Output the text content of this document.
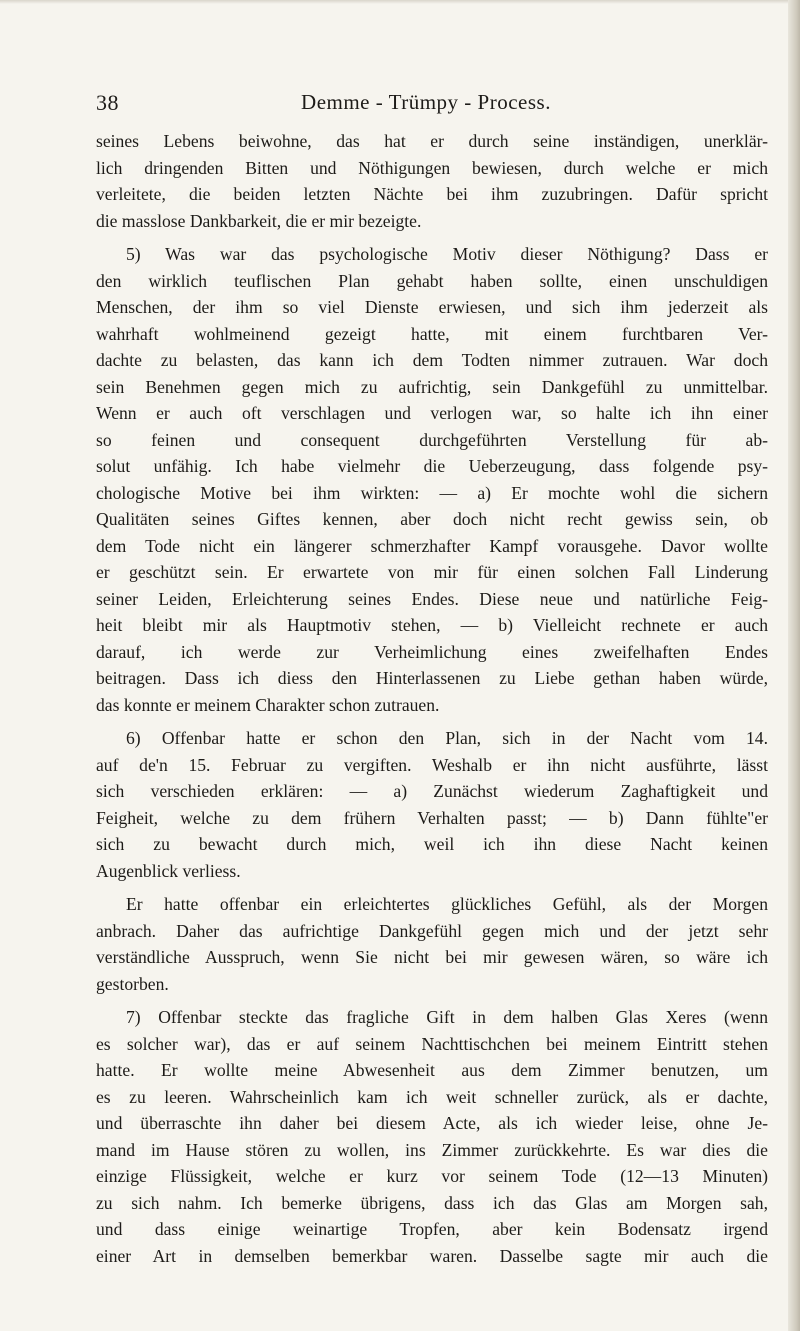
38	Demme - Trümpy - Process.
seines Lebens beiwohne, das hat er durch seine inständigen, unerklär-
lich dringenden Bitten und Nöthigungen bewiesen, durch welche er mich
verleitete, die beiden letzten Nächte bei ihm zuzubringen. Dafür spricht
die masslose Dankbarkeit, die er mir bezeigte.
5) Was war das psychologische Motiv dieser Nöthigung? Dass er
den wirklich teuflischen Plan gehabt haben sollte, einen unschuldigen
Menschen, der ihm so viel Dienste erwiesen, und sich ihm jederzeit als
wahrhaft wohlmeinend gezeigt hatte, mit einem furchtbaren Ver-
dachte zu belasten, das kann ich dem Todten nimmer zutrauen. War doch
sein Benehmen gegen mich zu aufrichtig, sein Dankgefühl zu unmittelbar.
Wenn er auch oft verschlagen und verlogen war, so halte ich ihn einer
so feinen und consequent durchgeführten Verstellung für ab-
solut unfähig. Ich habe vielmehr die Ueberzeugung, dass folgende psy-
chologische Motive bei ihm wirkten: — a) Er mochte wohl die sichern
Qualitäten seines Giftes kennen, aber doch nicht recht gewiss sein, ob
dem Tode nicht ein längerer schmerzhafter Kampf vorausgehe. Davor wollte
er geschützt sein. Er erwartete von mir für einen solchen Fall Linderung
seiner Leiden, Erleichterung seines Endes. Diese neue und natürliche Feig-
heit bleibt mir als Hauptmotiv stehen, — b) Vielleicht rechnete er auch
darauf, ich werde zur Verheimlichung eines zweifelhaften Endes
beitragen. Dass ich diess den Hinterlassenen zu Liebe gethan haben würde,
das konnte er meinem Charakter schon zutrauen.
6) Offenbar hatte er schon den Plan, sich in der Nacht vom 14.
auf de'n 15. Februar zu vergiften. Weshalb er ihn nicht ausführte, lässt
sich verschieden erklären: — a) Zunächst wiederum Zaghaftigkeit und
Feigheit, welche zu dem frühern Verhalten passt; — b) Dann fühlte"er
sich zu bewacht durch mich, weil ich ihn diese Nacht keinen
Augenblick verliess.
Er hatte offenbar ein erleichtertes glückliches Gefühl, als der Morgen
anbrach. Daher das aufrichtige Dankgefühl gegen mich und der jetzt sehr
verständliche Ausspruch, wenn Sie nicht bei mir gewesen wären, so wäre ich
gestorben.
7) Offenbar steckte das fragliche Gift in dem halben Glas Xeres (wenn
es solcher war), das er auf seinem Nachttischchen bei meinem Eintritt stehen
hatte. Er wollte meine Abwesenheit aus dem Zimmer benutzen, um
es zu leeren. Wahrscheinlich kam ich weit schneller zurück, als er dachte,
und überraschte ihn daher bei diesem Acte, als ich wieder leise, ohne Je-
mand im Hause stören zu wollen, ins Zimmer zurückkehrte. Es war dies die
einzige Flüssigkeit, welche er kurz vor seinem Tode (12—13 Minuten)
zu sich nahm. Ich bemerke übrigens, dass ich das Glas am Morgen sah,
und dass einige weinartige Tropfen, aber kein Bodensatz irgend
einer Art in demselben bemerkbar waren. Dasselbe sagte mir auch die
